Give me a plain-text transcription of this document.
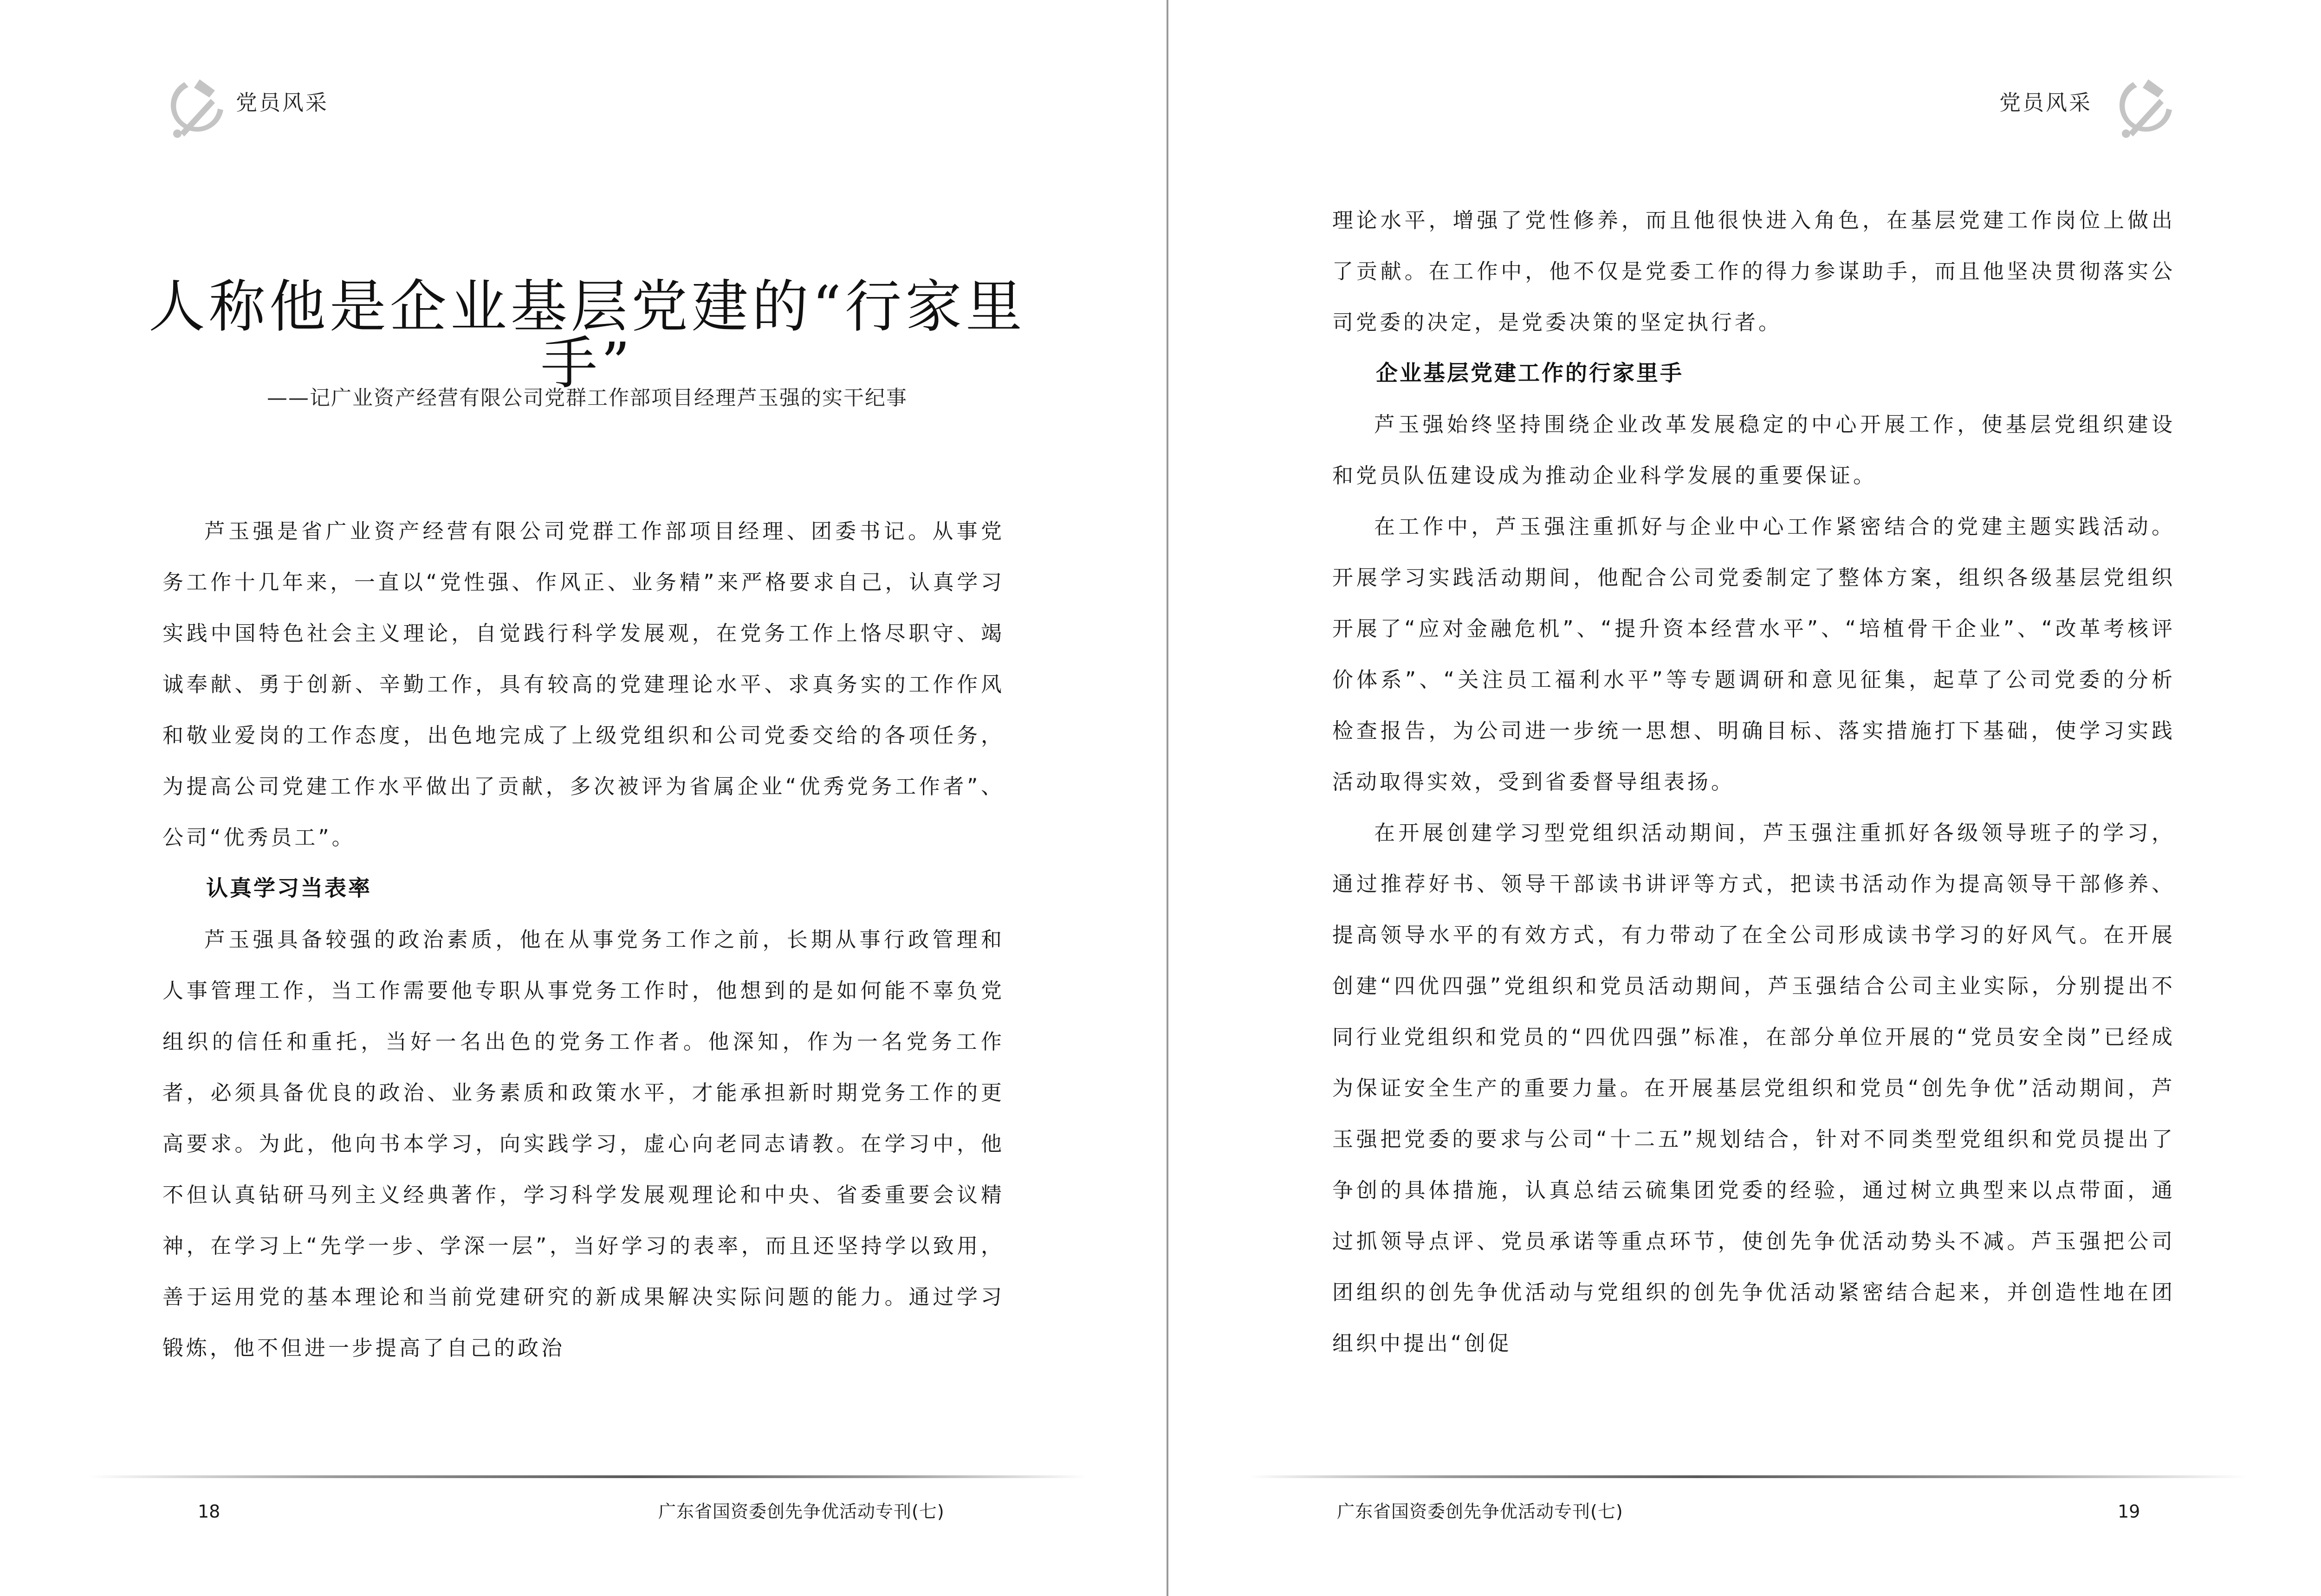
党员风采
人称他是企业基层党建的“行家里手”
——记广业资产经营有限公司党群工作部项目经理芦玉强的实干纪事

芦玉强是省广业资产经营有限公司党群工作部项目经理、团委书记。从事党务工作十几年来，一直以“党性强、作风正、业务精”来严格要求自己，认真学习实践中国特色社会主义理论，自觉践行科学发展观，在党务工作上恪尽职守、竭诚奉献、勇于创新、辛勤工作，具有较高的党建理论水平、求真务实的工作作风和敬业爱岗的工作态度，出色地完成了上级党组织和公司党委交给的各项任务，为提高公司党建工作水平做出了贡献，多次被评为省属企业“优秀党务工作者”、公司“优秀员工”。

认真学习当表率

芦玉强具备较强的政治素质，他在从事党务工作之前，长期从事行政管理和人事管理工作，当工作需要他专职从事党务工作时，他想到的是如何能不辜负党组织的信任和重托，当好一名出色的党务工作者。他深知，作为一名党务工作者，必须具备优良的政治、业务素质和政策水平，才能承担新时期党务工作的更高要求。为此，他向书本学习，向实践学习，虚心向老同志请教。在学习中，他不但认真钻研马列主义经典著作，学习科学发展观理论和中央、省委重要会议精神，在学习上“先学一步、学深一层”，当好学习的表率，而且还坚持学以致用，善于运用党的基本理论和当前党建研究的新成果解决实际问题的能力。通过学习锻炼，他不但进一步提高了自己的政治

18	广东省国资委创先争优活动专刊(七)
党员风采

理论水平，增强了党性修养，而且他很快进入角色，在基层党建工作岗位上做出了贡献。在工作中，他不仅是党委工作的得力参谋助手，而且他坚决贯彻落实公司党委的决定，是党委决策的坚定执行者。

企业基层党建工作的行家里手

芦玉强始终坚持围绕企业改革发展稳定的中心开展工作，使基层党组织建设和党员队伍建设成为推动企业科学发展的重要保证。

在工作中，芦玉强注重抓好与企业中心工作紧密结合的党建主题实践活动。开展学习实践活动期间，他配合公司党委制定了整体方案，组织各级基层党组织开展了“应对金融危机”、“提升资本经营水平”、“培植骨干企业”、“改革考核评价体系”、“关注员工福利水平”等专题调研和意见征集，起草了公司党委的分析检查报告，为公司进一步统一思想、明确目标、落实措施打下基础，使学习实践活动取得实效，受到省委督导组表扬。

在开展创建学习型党组织活动期间，芦玉强注重抓好各级领导班子的学习，通过推荐好书、领导干部读书讲评等方式，把读书活动作为提高领导干部修养、提高领导水平的有效方式，有力带动了在全公司形成读书学习的好风气。在开展创建“四优四强”党组织和党员活动期间，芦玉强结合公司主业实际，分别提出不同行业党组织和党员的“四优四强”标准，在部分单位开展的“党员安全岗”已经成为保证安全生产的重要力量。在开展基层党组织和党员“创先争优”活动期间，芦玉强把党委的要求与公司“十二五”规划结合，针对不同类型党组织和党员提出了争创的具体措施，认真总结云硫集团党委的经验，通过树立典型来以点带面，通过抓领导点评、党员承诺等重点环节，使创先争优活动势头不减。芦玉强把公司团组织的创先争优活动与党组织的创先争优活动紧密结合起来，并创造性地在团组织中提出“创促

广东省国资委创先争优活动专刊(七)	19
